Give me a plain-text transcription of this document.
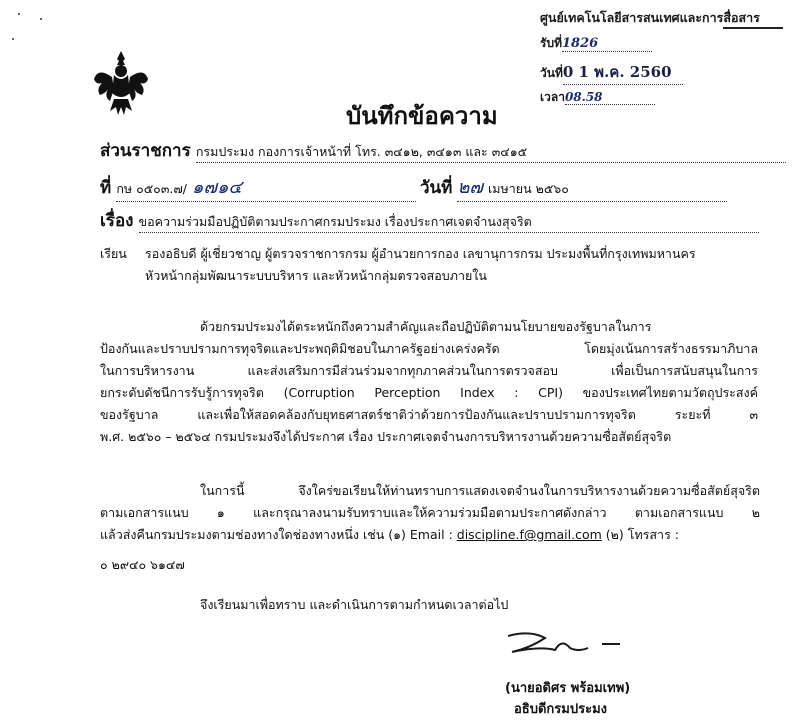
ศูนย์เทคโนโลยีสารสนเทศและการสื่อสาร
รับที่1826
วันที่0 1 พ.ค. 2560
เวลา08.58
บันทึกข้อความ
ส่วนราชการ กรมประมง กองการเจ้าหน้าที่ โทร. ๓๔๑๒, ๓๔๑๓ และ ๓๔๑๕
ที่ กษ ๐๕๐๓.๗/ ๑๗๑๔	วันที่ ๒๗ เมษายน ๒๕๖๐
เรื่อง ขอความร่วมมือปฏิบัติตามประกาศกรมประมง เรื่องประกาศเจตจำนงสุจริต
เรียน รองอธิบดี ผู้เชี่ยวชาญ ผู้ตรวจราชการกรม ผู้อำนวยการกอง เลขานุการกรม ประมงพื้นที่กรุงเทพมหานคร
หัวหน้ากลุ่มพัฒนาระบบบริหาร และหัวหน้ากลุ่มตรวจสอบภายใน
ด้วยกรมประมงได้ตระหนักถึงความสำคัญและถือปฏิบัติตามนโยบายของรัฐบาลในการ
ป้องกันและปราบปรามการทุจริตและประพฤติมิชอบในภาครัฐอย่างเคร่งครัด โดยมุ่งเน้นการสร้างธรรมาภิบาล
ในการบริหารงาน และส่งเสริมการมีส่วนร่วมจากทุกภาคส่วนในการตรวจสอบ เพื่อเป็นการสนับสนุนในการ
ยกระดับดัชนีการรับรู้การทุจริต (Corruption Perception Index : CPI) ของประเทศไทยตามวัตถุประสงค์
ของรัฐบาล และเพื่อให้สอดคล้องกับยุทธศาสตร์ชาติว่าด้วยการป้องกันและปราบปรามการทุจริต ระยะที่ ๓
พ.ศ. ๒๕๖๐ – ๒๕๖๔ กรมประมงจึงได้ประกาศ เรื่อง ประกาศเจตจำนงการบริหารงานด้วยความซื่อสัตย์สุจริต
ในการนี้ จึงใคร่ขอเรียนให้ท่านทราบการแสดงเจตจำนงในการบริหารงานด้วยความซื่อสัตย์สุจริต
ตามเอกสารแนบ ๑ และกรุณาลงนามรับทราบและให้ความร่วมมือตามประกาศดังกล่าว ตามเอกสารแนบ ๒
แล้วส่งคืนกรมประมงตามช่องทางใดช่องทางหนึ่ง เช่น (๑) Email : discipline.f@gmail.com (๒) โทรสาร :
๐ ๒๙๔๐ ๖๑๔๗
จึงเรียนมาเพื่อทราบ และดำเนินการตามกำหนดเวลาต่อไป
(นายอดิศร พร้อมเทพ)
อธิบดีกรมประมง
